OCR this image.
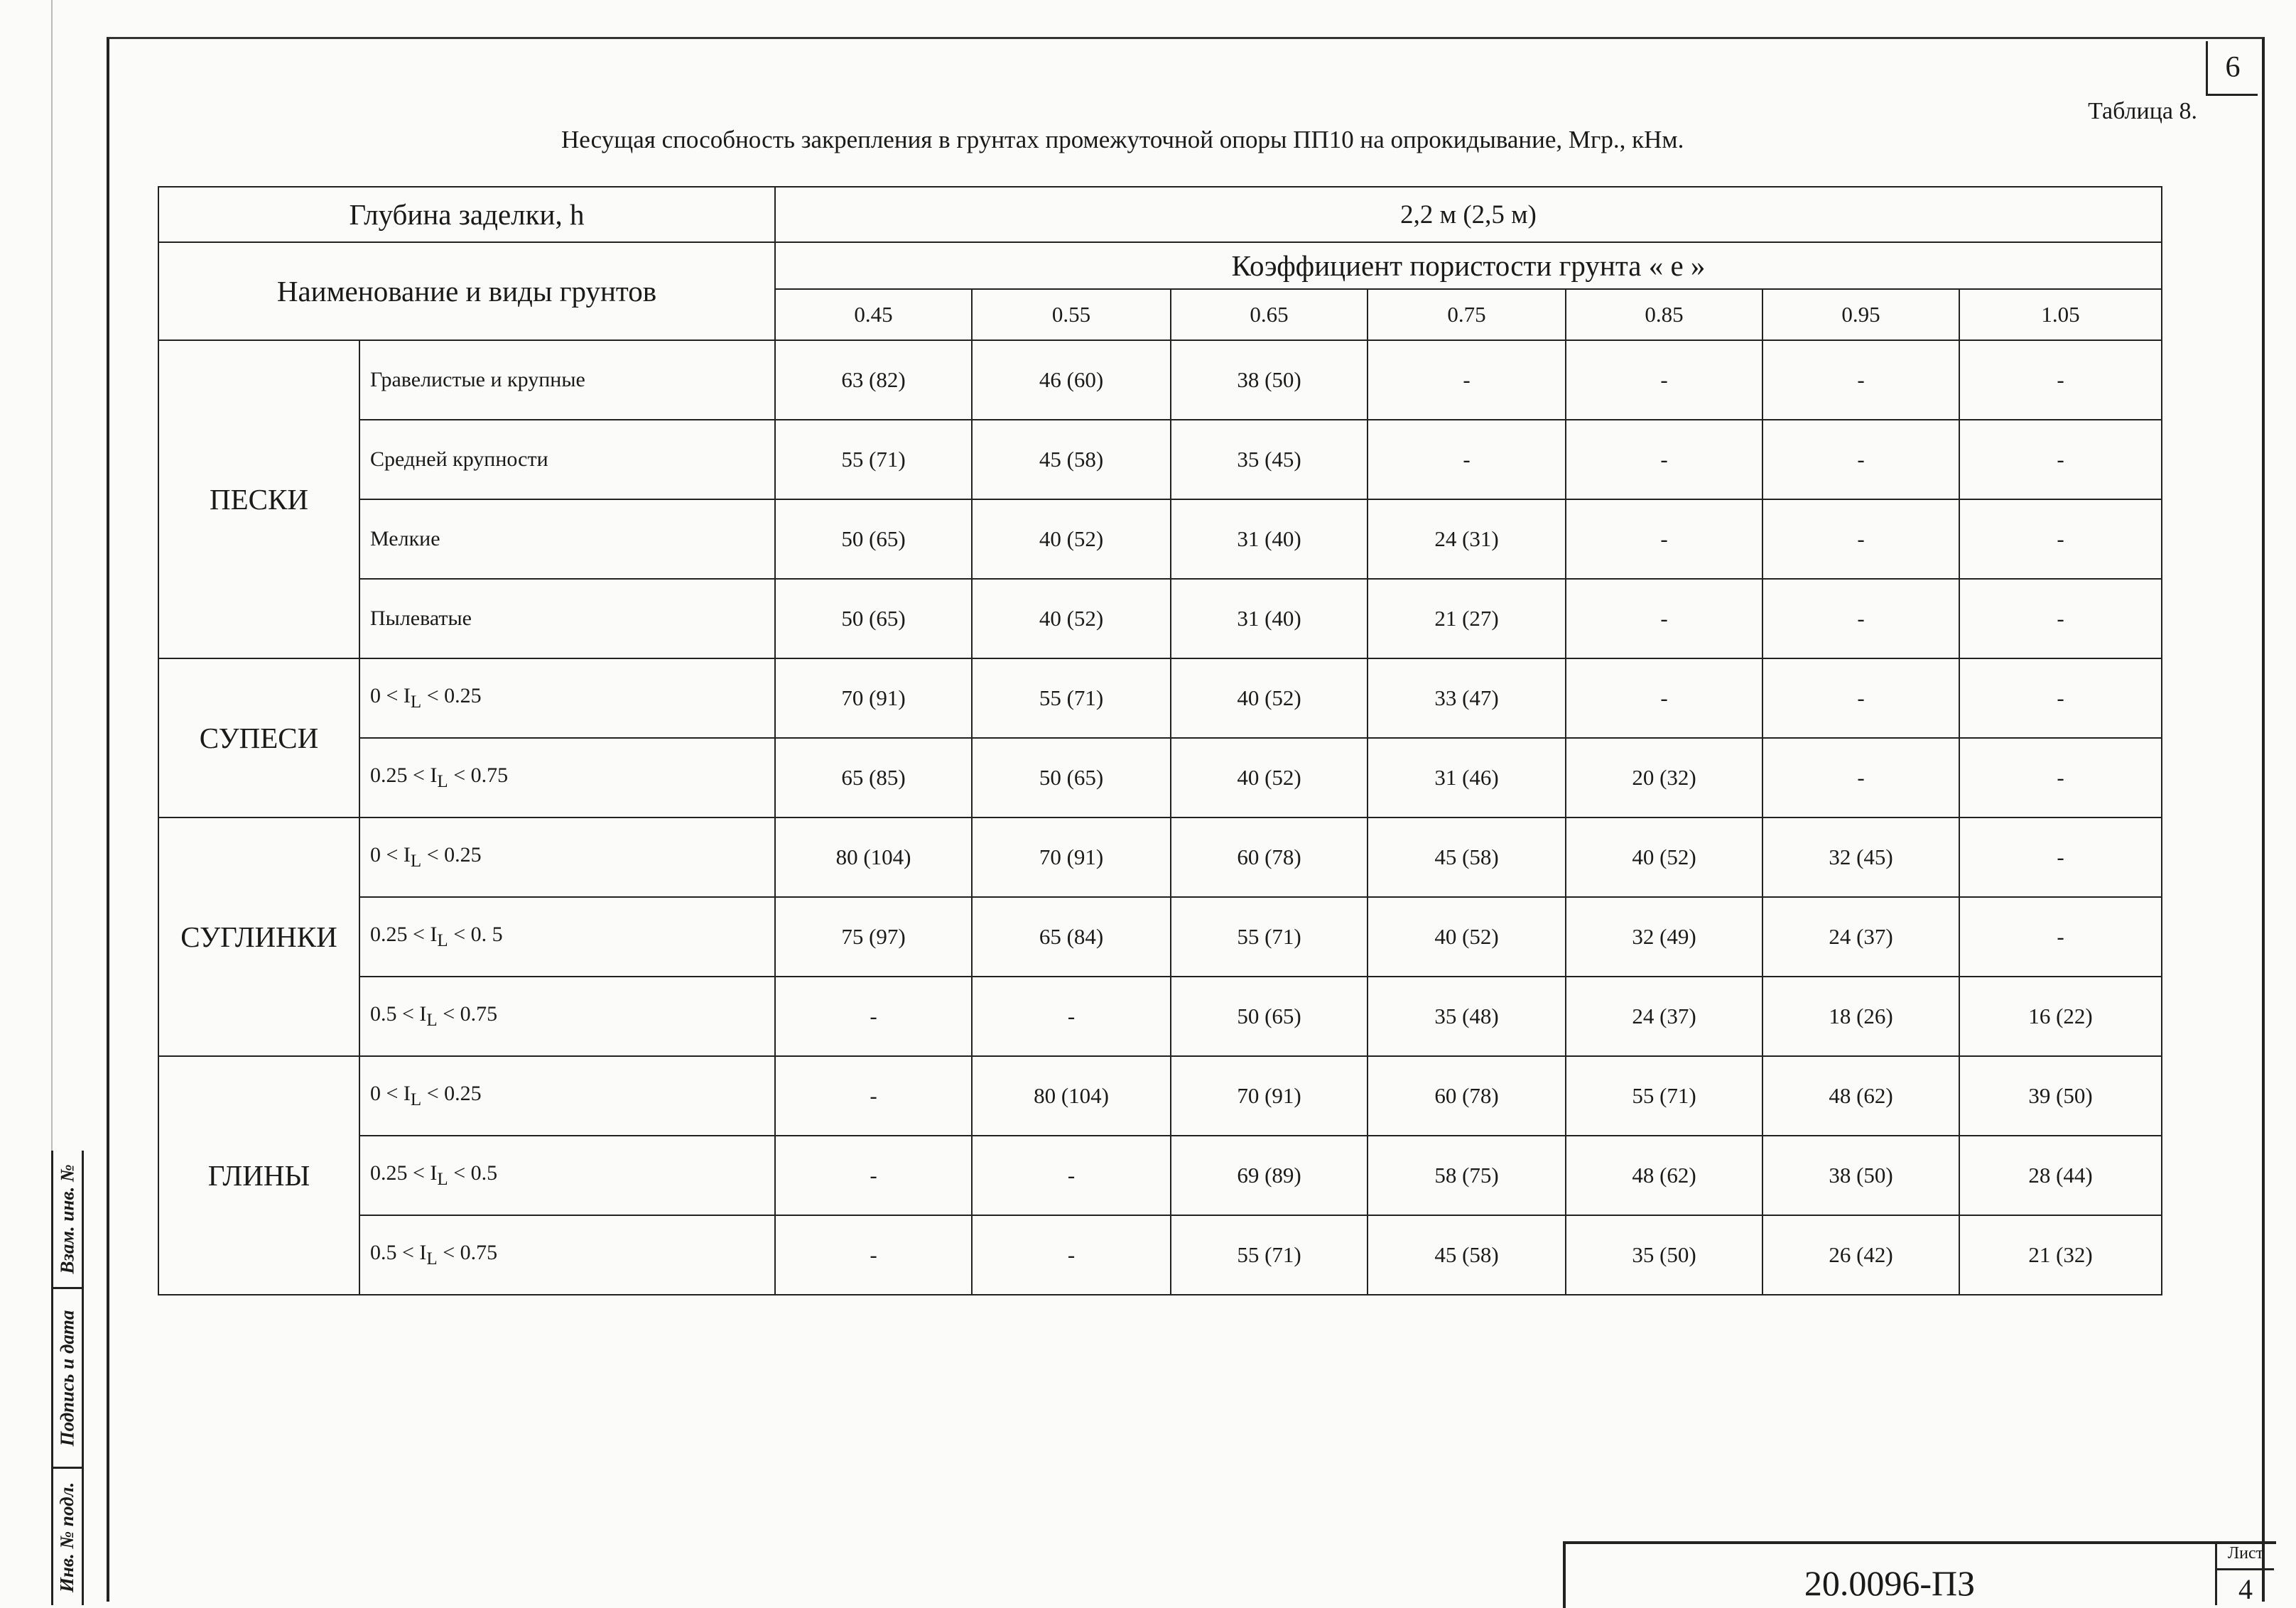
6
Таблица 8.
Несущая способность закрепления в грунтах промежуточной опоры ПП10 на опрокидывание, Мгр., кНм.
Глубина заделки, h		2,2 м (2,5 м)						
Наименование и виды грунтов		Коэффициент пористости грунта « е »						
		0.45	0.55	0.65	0.75	0.85	0.95	1.05
ПЕСКИ	Гравелистые и крупные	63 (82)	46 (60)	38 (50)	-	-	-	-
	Средней крупности	55 (71)	45 (58)	35 (45)	-	-	-	-
	Мелкие	50 (65)	40 (52)	31 (40)	24 (31)	-	-	-
	Пылеватые	50 (65)	40 (52)	31 (40)	21 (27)	-	-	-
СУПЕСИ	$0 < I_L < 0.25$	70 (91)	55 (71)	40 (52)	33 (47)	-	-	-
	$0.25 < I_L < 0.75$	65 (85)	50 (65)	40 (52)	31 (46)	20 (32)	-	-
СУГЛИНКИ	$0 < I_L < 0.25$	80 (104)	70 (91)	60 (78)	45 (58)	40 (52)	32 (45)	-
	$0.25 < I_L < 0$. 5	75 (97)	65 (84)	55 (71)	40 (52)	32 (49)	24 (37)	-
	$0.5 < I_L < 0.75$	-	-	50 (65)	35 (48)	24 (37)	18 (26)	16 (22)
ГЛИНЫ	$0 < I_L < 0.25$	-	80 (104)	70 (91)	60 (78)	55 (71)	48 (62)	39 (50)
	$0.25 < I_L < 0.5$	-	-	69 (89)	58 (75)	48 (62)	38 (50)	28 (44)
	$0.5 < I_L < 0.75$	-	-	55 (71)	45 (58)	35 (50)	26 (42)	21 (32)
Взам. инв. №
Подпись и дата
Инв. № подл.	20.0096-ПЗ
Лист
4
